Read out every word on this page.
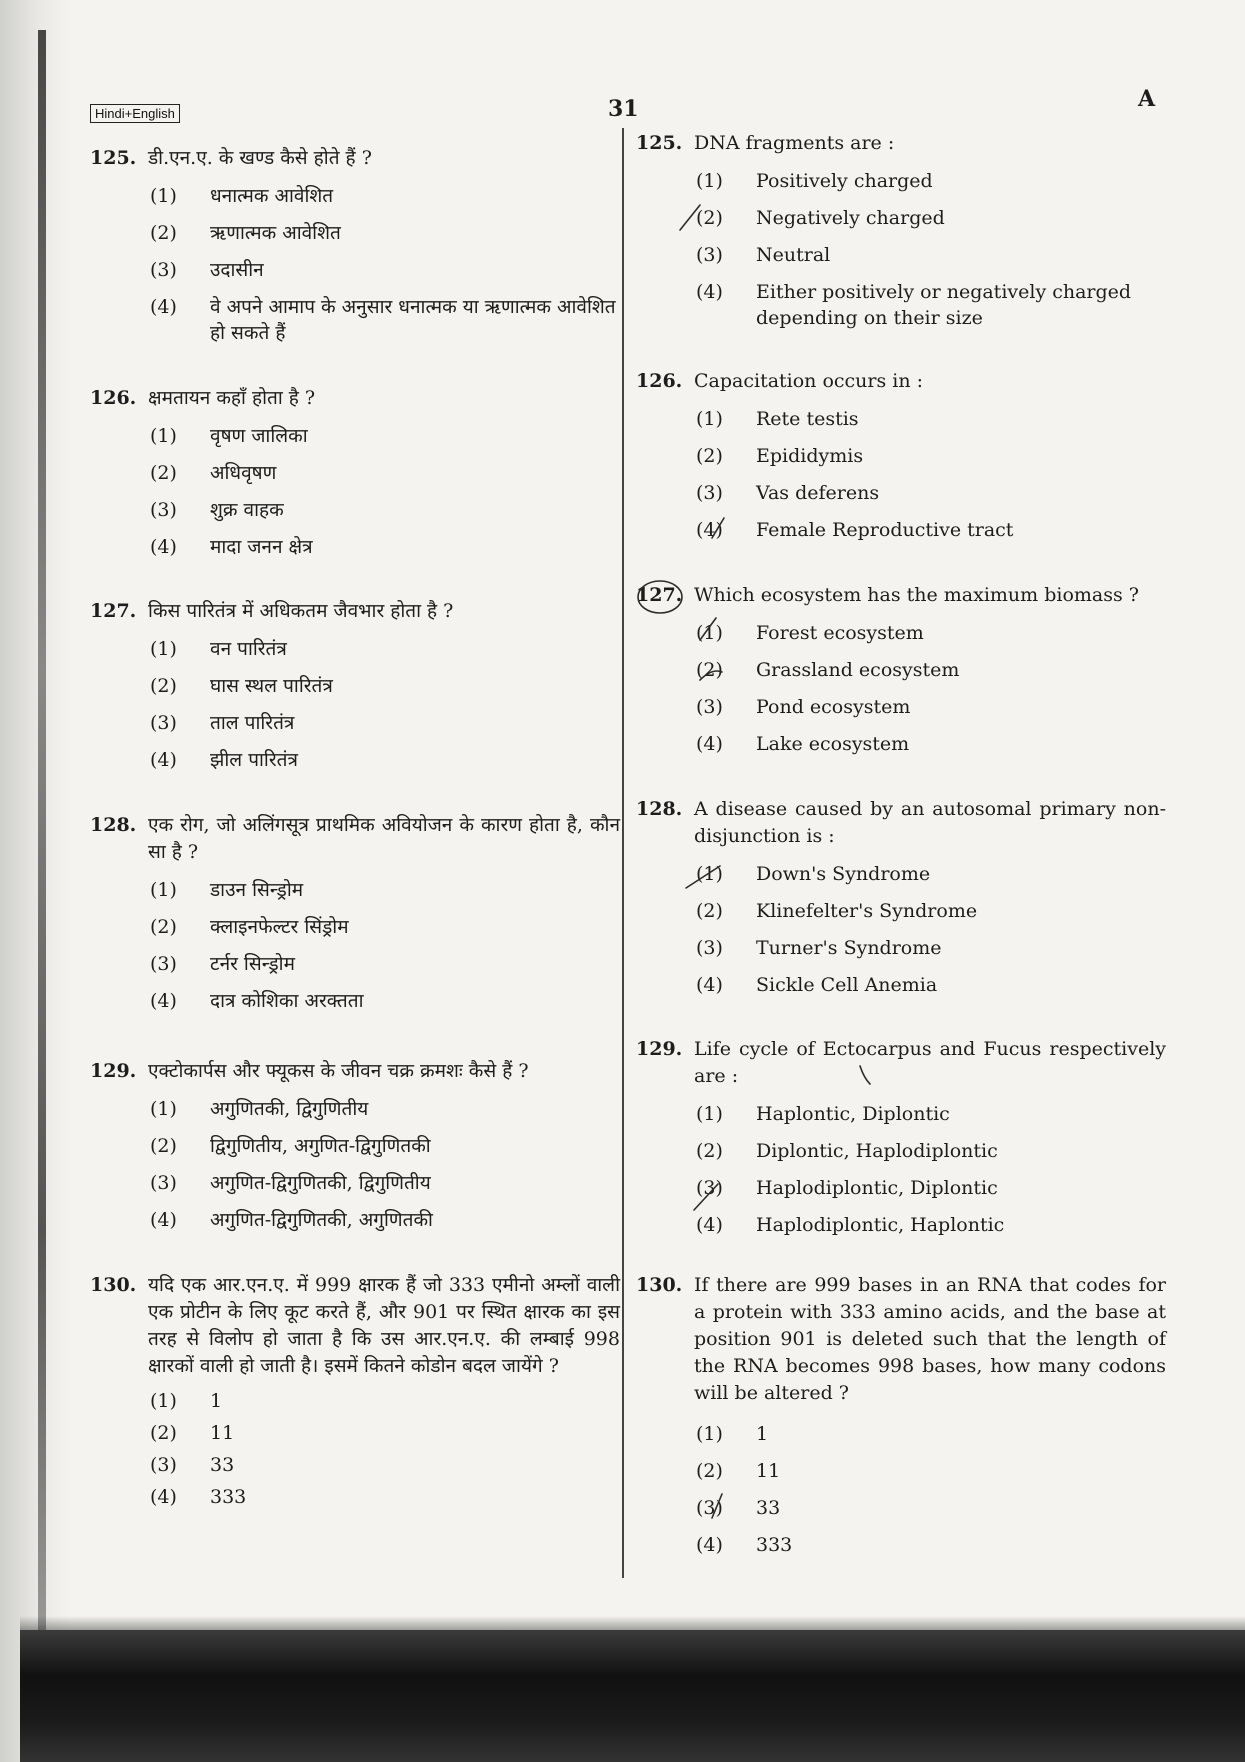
Hindi+English	31	A
125. डी.एन.ए. के खण्ड कैसे होते हैं ?
(1)	धनात्मक आवेशित
(2)	ऋणात्मक आवेशित
(3)	उदासीन
(4)	वे अपने आमाप के अनुसार धनात्मक या ऋणात्मक आवेशित हो सकते हैं
126. क्षमतायन कहाँ होता है ?
(1)	वृषण जालिका
(2)	अधिवृषण
(3)	शुक्र वाहक
(4)	मादा जनन क्षेत्र
127. किस पारितंत्र में अधिकतम जैवभार होता है ?
(1)	वन पारितंत्र
(2)	घास स्थल पारितंत्र
(3)	ताल पारितंत्र
(4)	झील पारितंत्र
128. एक रोग, जो अलिंगसूत्र प्राथमिक अवियोजन के कारण होता है, कौन सा है ?
(1)	डाउन सिन्ड्रोम
(2)	क्लाइनफेल्टर सिंड्रोम
(3)	टर्नर सिन्ड्रोम
(4)	दात्र कोशिका अरक्तता
129. एक्टोकार्पस और फ्यूकस के जीवन चक्र क्रमशः कैसे हैं ?
(1)	अगुणितकी, द्विगुणितीय
(2)	द्विगुणितीय, अगुणित-द्विगुणितकी
(3)	अगुणित-द्विगुणितकी, द्विगुणितीय
(4)	अगुणित-द्विगुणितकी, अगुणितकी
130. यदि एक आर.एन.ए. में 999 क्षारक हैं जो 333 एमीनो अम्लों वाली एक प्रोटीन के लिए कूट करते हैं, और 901 पर स्थित क्षारक का इस तरह से विलोप हो जाता है कि उस आर.एन.ए. की लम्बाई 998 क्षारकों वाली हो जाती है। इसमें कितने कोडोन बदल जायेंगे ?
(1)	1
(2)	11
(3)	33
(4)	333
125. DNA fragments are :
(1)	Positively charged
(2)	Negatively charged
(3)	Neutral
(4)	Either positively or negatively charged depending on their size
126. Capacitation occurs in :
(1)	Rete testis
(2)	Epididymis
(3)	Vas deferens
(4)	Female Reproductive tract
127. Which ecosystem has the maximum biomass ?
(1)	Forest ecosystem
(2)	Grassland ecosystem
(3)	Pond ecosystem
(4)	Lake ecosystem
128. A disease caused by an autosomal primary non-disjunction is :
(1)	Down's Syndrome
(2)	Klinefelter's Syndrome
(3)	Turner's Syndrome
(4)	Sickle Cell Anemia
129. Life cycle of Ectocarpus and Fucus respectively are :
(1)	Haplontic, Diplontic
(2)	Diplontic, Haplodiplontic
(3)	Haplodiplontic, Diplontic
(4)	Haplodiplontic, Haplontic
130. If there are 999 bases in an RNA that codes for a protein with 333 amino acids, and the base at position 901 is deleted such that the length of the RNA becomes 998 bases, how many codons will be altered ?
(1)	1
(2)	11
(3)	33
(4)	333
